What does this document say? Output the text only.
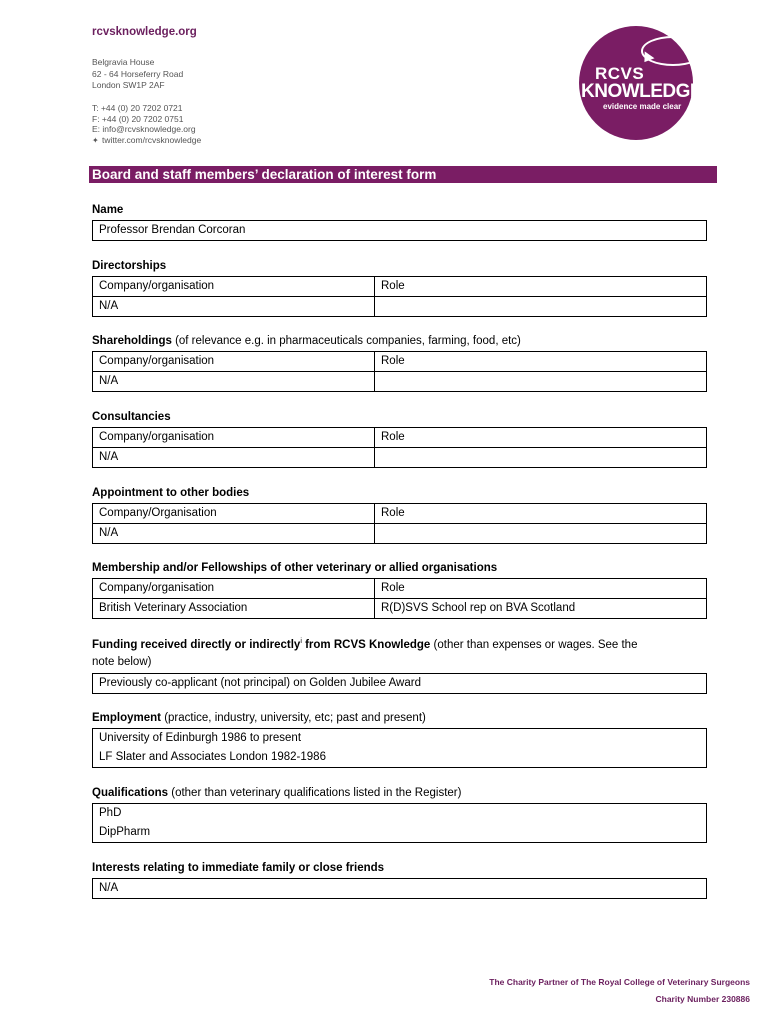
rcvsknowledge.org
Belgravia House
62 - 64 Horseferry Road
London SW1P 2AF
T: +44 (0) 20 7202 0721
F: +44 (0) 20 7202 0751
E: info@rcvsknowledge.org
✦ twitter.com/rcvsknowledge
RCVS
KNOWLEDGE
evidence made clear
Board and staff members’ declaration of interest form
Name
Professor Brendan Corcoran
Directorships
Company/organisation	Role
N/A
Shareholdings (of relevance e.g. in pharmaceuticals companies, farming, food, etc)
Company/organisation	Role
N/A
Consultancies
Company/organisation	Role
N/A
Appointment to other bodies
Company/Organisation	Role
N/A
Membership and/or Fellowships of other veterinary or allied organisations
Company/organisation	Role
British Veterinary Association	R(D)SVS School rep on BVA Scotland
Funding received directly or indirectly$^i$ from RCVS Knowledge (other than expenses or wages. See the
note below)
Previously co-applicant (not principal) on Golden Jubilee Award
Employment (practice, industry, university, etc; past and present)
University of Edinburgh 1986 to present
LF Slater and Associates London 1982-1986
Qualifications (other than veterinary qualifications listed in the Register)
PhD
DipPharm
Interests relating to immediate family or close friends
N/A
The Charity Partner of The Royal College of Veterinary Surgeons
Charity Number 230886
